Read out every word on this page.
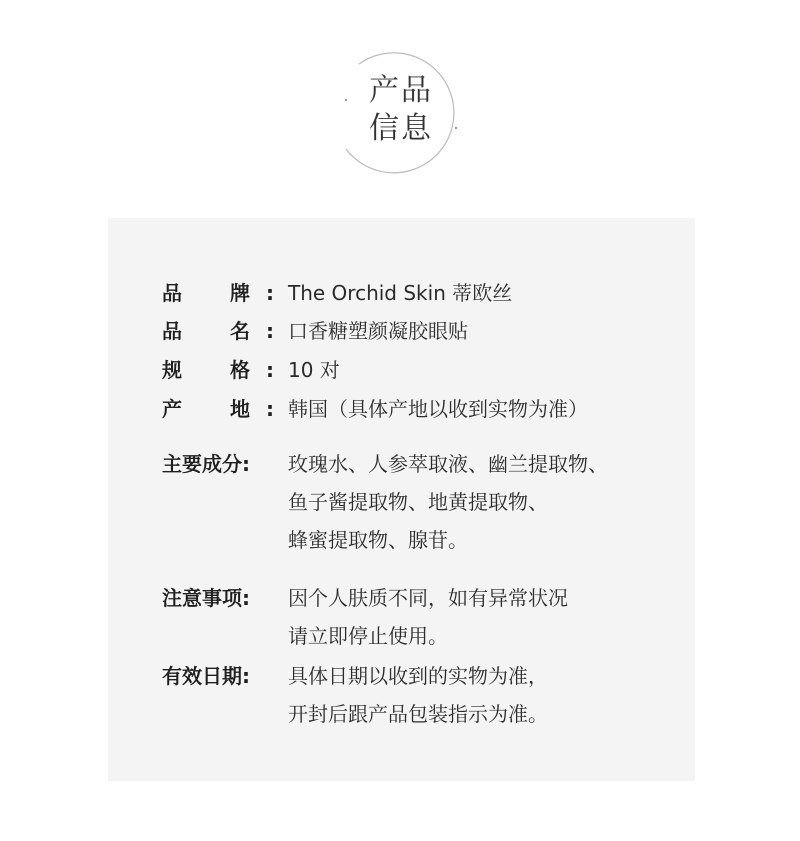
产品
信息
品 牌 : The Orchid Skin 蒂欧丝
品 名 : 口香糖塑颜凝胶眼贴
规 格 : 10 对
产 地 : 韩国（具体产地以收到实物为准）
主要成分:	玫瑰水、人参萃取液、幽兰提取物、
鱼子酱提取物、地黄提取物、
蜂蜜提取物、腺苷。
注意事项:	因个人肤质不同，如有异常状况
请立即停止使用。
有效日期:	具体日期以收到的实物为准，
开封后跟产品包装指示为准。
